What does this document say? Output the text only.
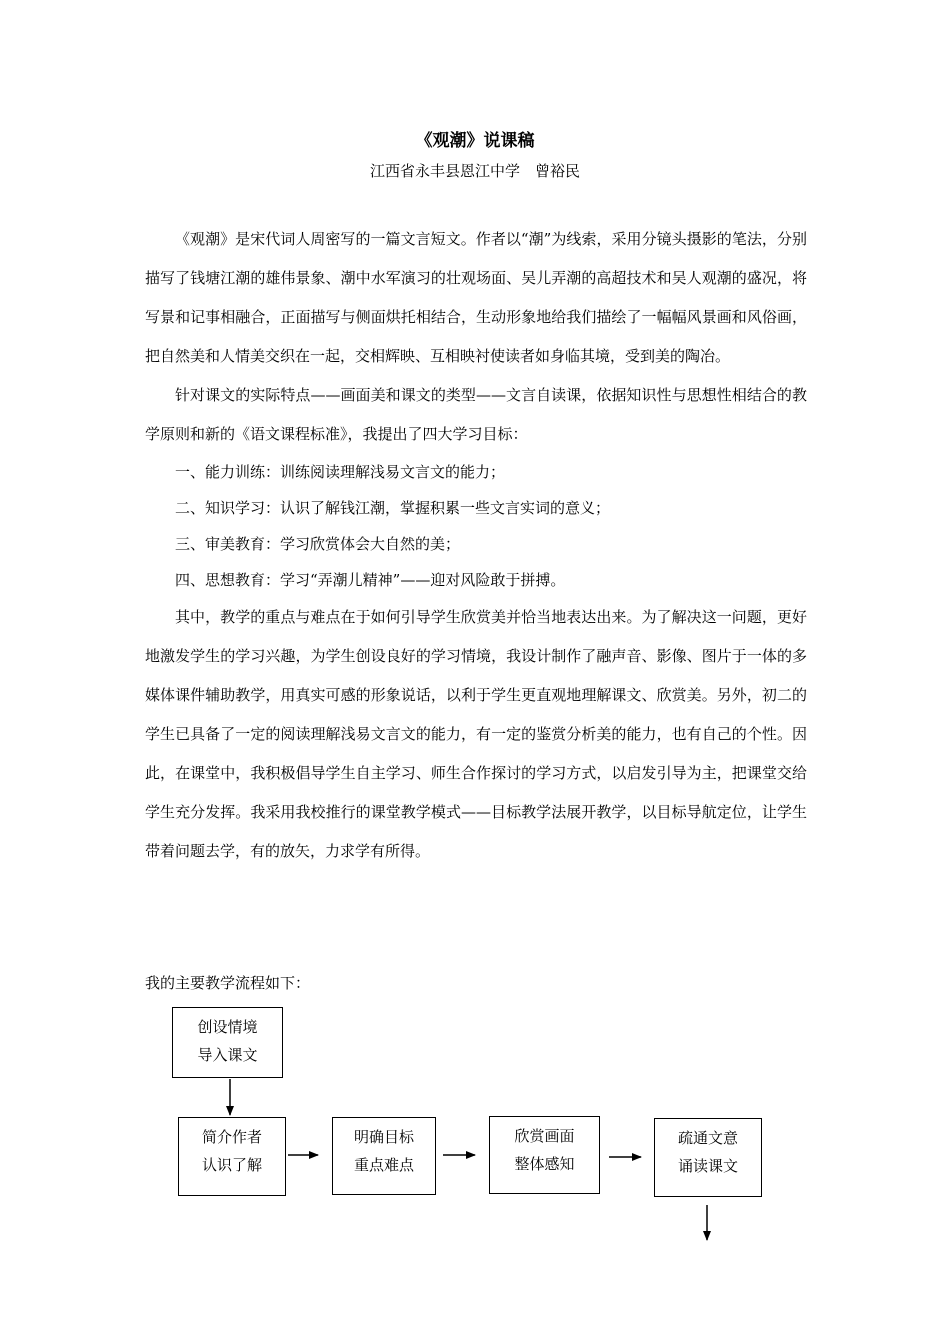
《观潮》说课稿

江西省永丰县恩江中学　曾裕民

《观潮》是宋代词人周密写的一篇文言短文。作者以“潮”为线索，采用分镜头摄影的笔法，分别描写了钱塘江潮的雄伟景象、潮中水军演习的壮观场面、吴儿弄潮的高超技术和吴人观潮的盛况，将写景和记事相融合，正面描写与侧面烘托相结合，生动形象地给我们描绘了一幅幅风景画和风俗画，把自然美和人情美交织在一起，交相辉映、互相映衬使读者如身临其境，受到美的陶冶。

针对课文的实际特点——画面美和课文的类型——文言自读课，依据知识性与思想性相结合的教学原则和新的《语文课程标准》，我提出了四大学习目标：

一、能力训练：训练阅读理解浅易文言文的能力；

二、知识学习：认识了解钱江潮，掌握积累一些文言实词的意义；

三、审美教育：学习欣赏体会大自然的美；

四、思想教育：学习“弄潮儿精神”——迎对风险敢于拼搏。

其中，教学的重点与难点在于如何引导学生欣赏美并恰当地表达出来。为了解决这一问题，更好地激发学生的学习兴趣，为学生创设良好的学习情境，我设计制作了融声音、影像、图片于一体的多媒体课件辅助教学，用真实可感的形象说话，以利于学生更直观地理解课文、欣赏美。另外，初二的学生已具备了一定的阅读理解浅易文言文的能力，有一定的鉴赏分析美的能力，也有自己的个性。因此，在课堂中，我积极倡导学生自主学习、师生合作探讨的学习方式，以启发引导为主，把课堂交给学生充分发挥。我采用我校推行的课堂教学模式——目标教学法展开教学，以目标导航定位，让学生带着问题去学，有的放矢，力求学有所得。

我的主要教学流程如下：

创设情境
导入课文
简介作者
认识了解
明确目标
重点难点
欣赏画面
整体感知
疏通文意
诵读课文
